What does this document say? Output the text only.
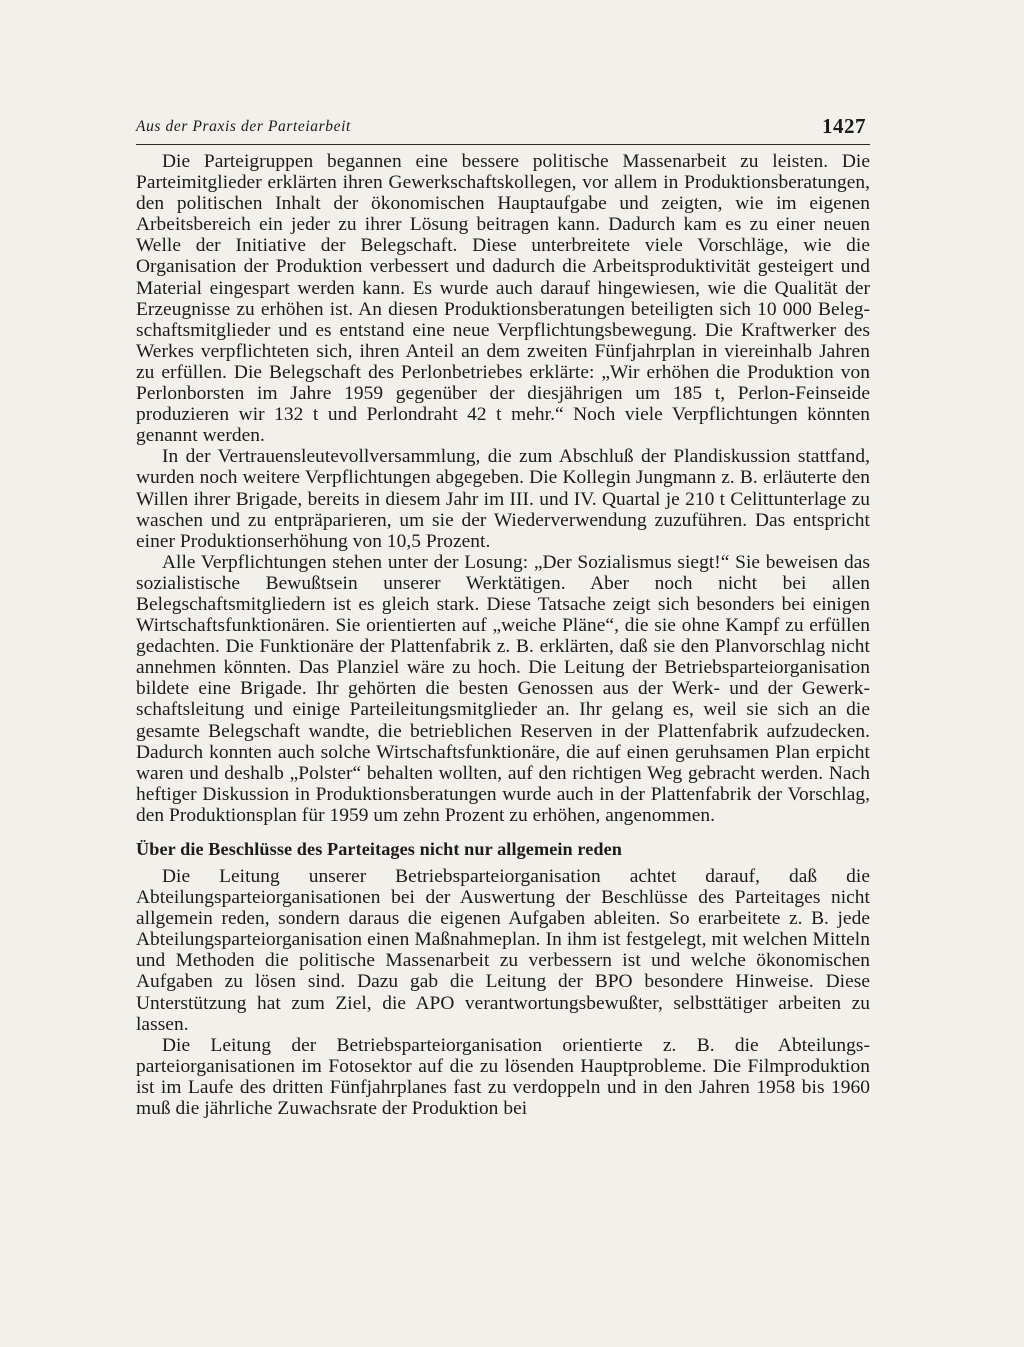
Aus der Praxis der Parteiarbeit	1427

Die Parteigruppen begannen eine bessere politische Massenarbeit zu leisten. Die Parteimitglieder erklärten ihren Gewerkschaftskollegen, vor allem in Produktionsberatungen, den politischen Inhalt der ökonomischen Hauptaufgabe und zeigten, wie im eigenen Arbeitsbereich ein jeder zu ihrer Lösung beitragen kann. Dadurch kam es zu einer neuen Welle der Initiative der Belegschaft. Diese unterbreitete viele Vorschläge, wie die Organisation der Produktion verbessert und dadurch die Arbeitsproduktivität gesteigert und Material eingespart werden kann. Es wurde auch darauf hingewiesen, wie die Qualität der Erzeugnisse zu erhöhen ist. An diesen Produktionsberatungen beteiligten sich 10 000 Belegschaftsmitglieder und es entstand eine neue Verpflichtungsbewegung. Die Kraftwerker des Werkes verpflichteten sich, ihren Anteil an dem zweiten Fünfjahrplan in viereinhalb Jahren zu erfüllen. Die Belegschaft des Perlonbetriebes erklärte: „Wir erhöhen die Produktion von Perlonborsten im Jahre 1959 gegenüber der diesjährigen um 185 t, Perlon-Feinseide produzieren wir 132 t und Perlondraht 42 t mehr.“ Noch viele Verpflichtungen könnten genannt werden.

In der Vertrauensleutevollversammlung, die zum Abschluß der Plandiskussion stattfand, wurden noch weitere Verpflichtungen abgegeben. Die Kollegin Jungmann z. B. erläuterte den Willen ihrer Brigade, bereits in diesem Jahr im III. und IV. Quartal je 210 t Celittunterlage zu waschen und zu entpräparieren, um sie der Wiederverwendung zuzuführen. Das entspricht einer Produktionserhöhung von 10,5 Prozent.

Alle Verpflichtungen stehen unter der Losung: „Der Sozialismus siegt!“ Sie beweisen das sozialistische Bewußtsein unserer Werktätigen. Aber noch nicht bei allen Belegschaftsmitgliedern ist es gleich stark. Diese Tatsache zeigt sich besonders bei einigen Wirtschaftsfunktionären. Sie orientierten auf „weiche Pläne“, die sie ohne Kampf zu erfüllen gedachten. Die Funktionäre der Plattenfabrik z. B. erklärten, daß sie den Planvorschlag nicht annehmen könnten. Das Planziel wäre zu hoch. Die Leitung der Betriebsparteiorganisation bildete eine Brigade. Ihr gehörten die besten Genossen aus der Werk- und der Gewerkschaftsleitung und einige Parteileitungsmitglieder an. Ihr gelang es, weil sie sich an die gesamte Belegschaft wandte, die betrieblichen Reserven in der Plattenfabrik aufzudecken. Dadurch konnten auch solche Wirtschaftsfunktionäre, die auf einen geruhsamen Plan erpicht waren und deshalb „Polster“ behalten wollten, auf den richtigen Weg gebracht werden. Nach heftiger Diskussion in Produktionsberatungen wurde auch in der Plattenfabrik der Vorschlag, den Produktionsplan für 1959 um zehn Prozent zu erhöhen, angenommen.

Über die Beschlüsse des Parteitages nicht nur allgemein reden

Die Leitung unserer Betriebsparteiorganisation achtet darauf, daß die Abteilungsparteiorganisationen bei der Auswertung der Beschlüsse des Parteitages nicht allgemein reden, sondern daraus die eigenen Aufgaben ableiten. So erarbeitete z. B. jede Abteilungsparteiorganisation einen Maßnahmeplan. In ihm ist festgelegt, mit welchen Mitteln und Methoden die politische Massenarbeit zu verbessern ist und welche ökonomischen Aufgaben zu lösen sind. Dazu gab die Leitung der BPO besondere Hinweise. Diese Unterstützung hat zum Ziel, die APO verantwortungsbewußter, selbsttätiger arbeiten zu lassen.

Die Leitung der Betriebsparteiorganisation orientierte z. B. die Abteilungsparteiorganisationen im Fotosektor auf die zu lösenden Hauptprobleme. Die Filmproduktion ist im Laufe des dritten Fünfjahrplanes fast zu verdoppeln und in den Jahren 1958 bis 1960 muß die jährliche Zuwachsrate der Produktion bei
